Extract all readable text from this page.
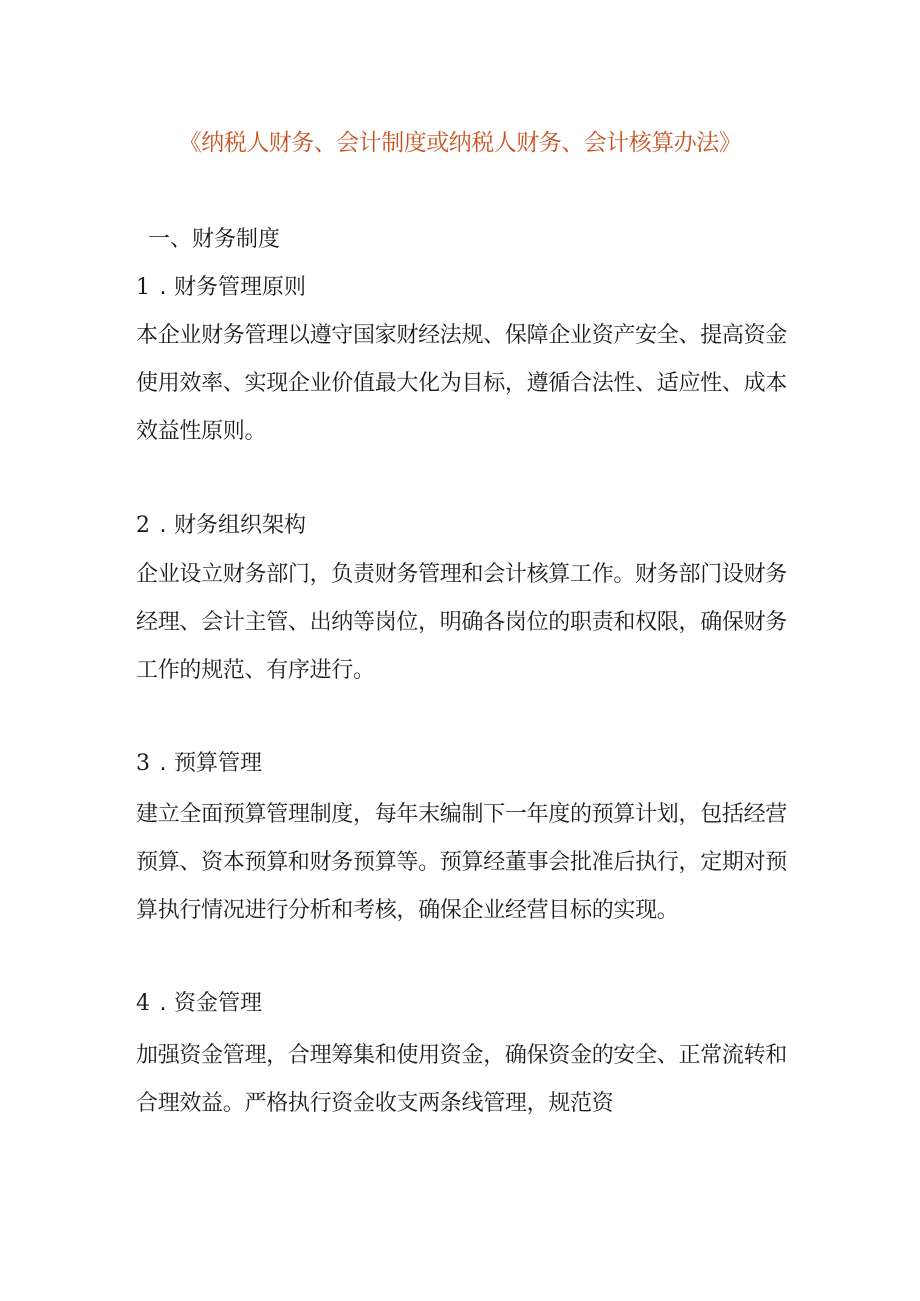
《纳税人财务、会计制度或纳税人财务、会计核算办法》
一、财务制度
1 . 财务管理原则

本企业财务管理以遵守国家财经法规、保障企业资产安全、提高资金使用效率、实现企业价值最大化为目标，遵循合法性、适应性、成本效益性原则。

2 . 财务组织架构

企业设立财务部门，负责财务管理和会计核算工作。财务部门设财务经理、会计主管、出纳等岗位，明确各岗位的职责和权限，确保财务工作的规范、有序进行。

3 . 预算管理

建立全面预算管理制度，每年末编制下一年度的预算计划，包括经营预算、资本预算和财务预算等。预算经董事会批准后执行，定期对预算执行情况进行分析和考核，确保企业经营目标的实现。

4 . 资金管理

加强资金管理，合理筹集和使用资金，确保资金的安全、正常流转和合理效益。严格执行资金收支两条线管理，规范资
